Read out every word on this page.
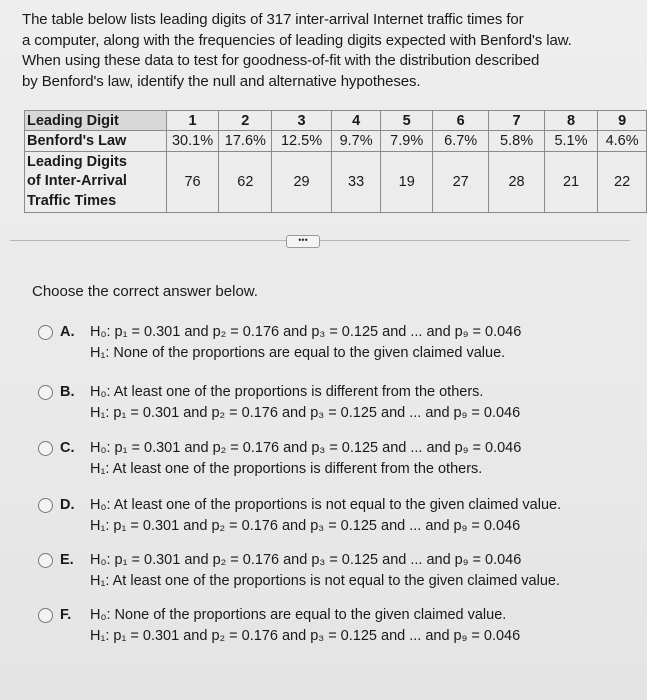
The table below lists leading digits of 317 inter-arrival Internet traffic times for
a computer, along with the frequencies of leading digits expected with Benford's law.
When using these data to test for goodness-of-fit with the distribution described
by Benford's law, identify the null and alternative hypotheses.
Leading Digit	1	2	3	4	5	6	7	8	9
Benford's Law	30.1%	17.6%	12.5%	9.7%	7.9%	6.7%	5.8%	5.1%	4.6%

Leading Digits
of Inter-Arrival
Traffic Times	76	62	29	33	19	27	28	21	22
•••
Choose the correct answer below.
A. H₀: p₁ = 0.301 and p₂ = 0.176 and p₃ = 0.125 and ... and p₉ = 0.046
H₁: None of the proportions are equal to the given claimed value.
B. H₀: At least one of the proportions is different from the others.
H₁: p₁ = 0.301 and p₂ = 0.176 and p₃ = 0.125 and ... and p₉ = 0.046
C. H₀: p₁ = 0.301 and p₂ = 0.176 and p₃ = 0.125 and ... and p₉ = 0.046
H₁: At least one of the proportions is different from the others.
D. H₀: At least one of the proportions is not equal to the given claimed value.
H₁: p₁ = 0.301 and p₂ = 0.176 and p₃ = 0.125 and ... and p₉ = 0.046
E. H₀: p₁ = 0.301 and p₂ = 0.176 and p₃ = 0.125 and ... and p₉ = 0.046
H₁: At least one of the proportions is not equal to the given claimed value.
F. H₀: None of the proportions are equal to the given claimed value.
H₁: p₁ = 0.301 and p₂ = 0.176 and p₃ = 0.125 and ... and p₉ = 0.046
